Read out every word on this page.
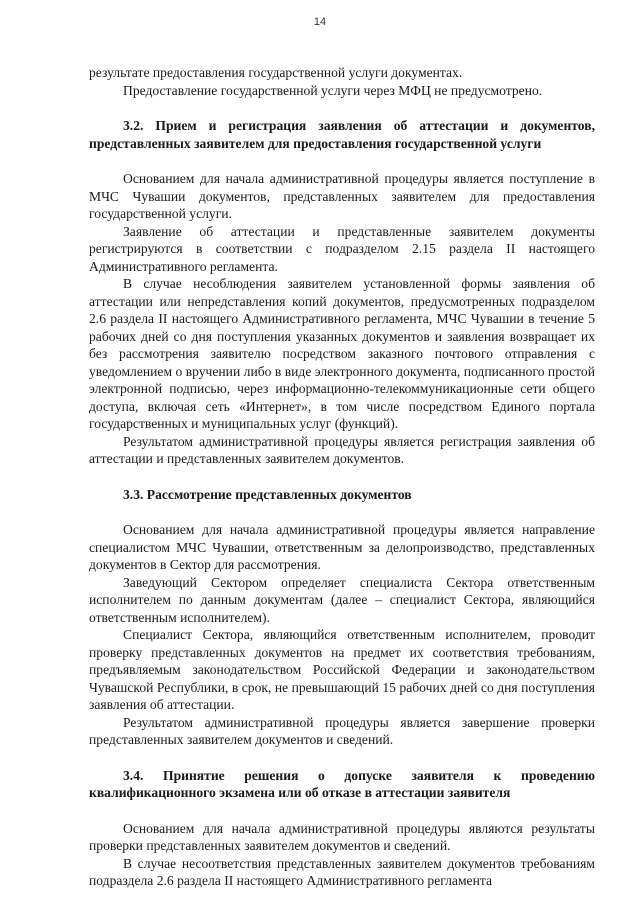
14

результате предоставления государственной услуги документах.

Предоставление государственной услуги через МФЦ не предусмотрено.

3.2. Прием и регистрация заявления об аттестации и документов, представленных заявителем для предоставления государственной услуги

Основанием для начала административной процедуры является поступление в МЧС Чувашии документов, представленных заявителем для предоставления государственной услуги.

Заявление об аттестации и представленные заявителем документы регистрируются в соответствии с подразделом 2.15 раздела II настоящего Административного регламента.

В случае несоблюдения заявителем установленной формы заявления об аттестации или непредставления копий документов, предусмотренных подразделом 2.6 раздела II настоящего Административного регламента, МЧС Чувашии в течение 5 рабочих дней со дня поступления указанных документов и заявления возвращает их без рассмотрения заявителю посредством заказного почтового отправления с уведомлением о вручении либо в виде электронного документа, подписанного простой электронной подписью, через информационно-телекоммуникационные сети общего доступа, включая сеть «Интернет», в том числе посредством Единого портала государственных и муниципальных услуг (функций).

Результатом административной процедуры является регистрация заявления об аттестации и представленных заявителем документов.

3.3. Рассмотрение представленных документов

Основанием для начала административной процедуры является направление специалистом МЧС Чувашии, ответственным за делопроизводство, представленных документов в Сектор для рассмотрения.

Заведующий Сектором определяет специалиста Сектора ответственным исполнителем по данным документам (далее – специалист Сектора, являющийся ответственным исполнителем).

Специалист Сектора, являющийся ответственным исполнителем, проводит проверку представленных документов на предмет их соответствия требованиям, предъявляемым законодательством Российской Федерации и законодательством Чувашской Республики, в срок, не превышающий 15 рабочих дней со дня поступления заявления об аттестации.

Результатом административной процедуры является завершение проверки представленных заявителем документов и сведений.

3.4. Принятие решения о допуске заявителя к проведению квалификационного экзамена или об отказе в аттестации заявителя

Основанием для начала административной процедуры являются результаты проверки представленных заявителем документов и сведений.

В случае несоответствия представленных заявителем документов требованиям подраздела 2.6 раздела II настоящего Административного регламента
